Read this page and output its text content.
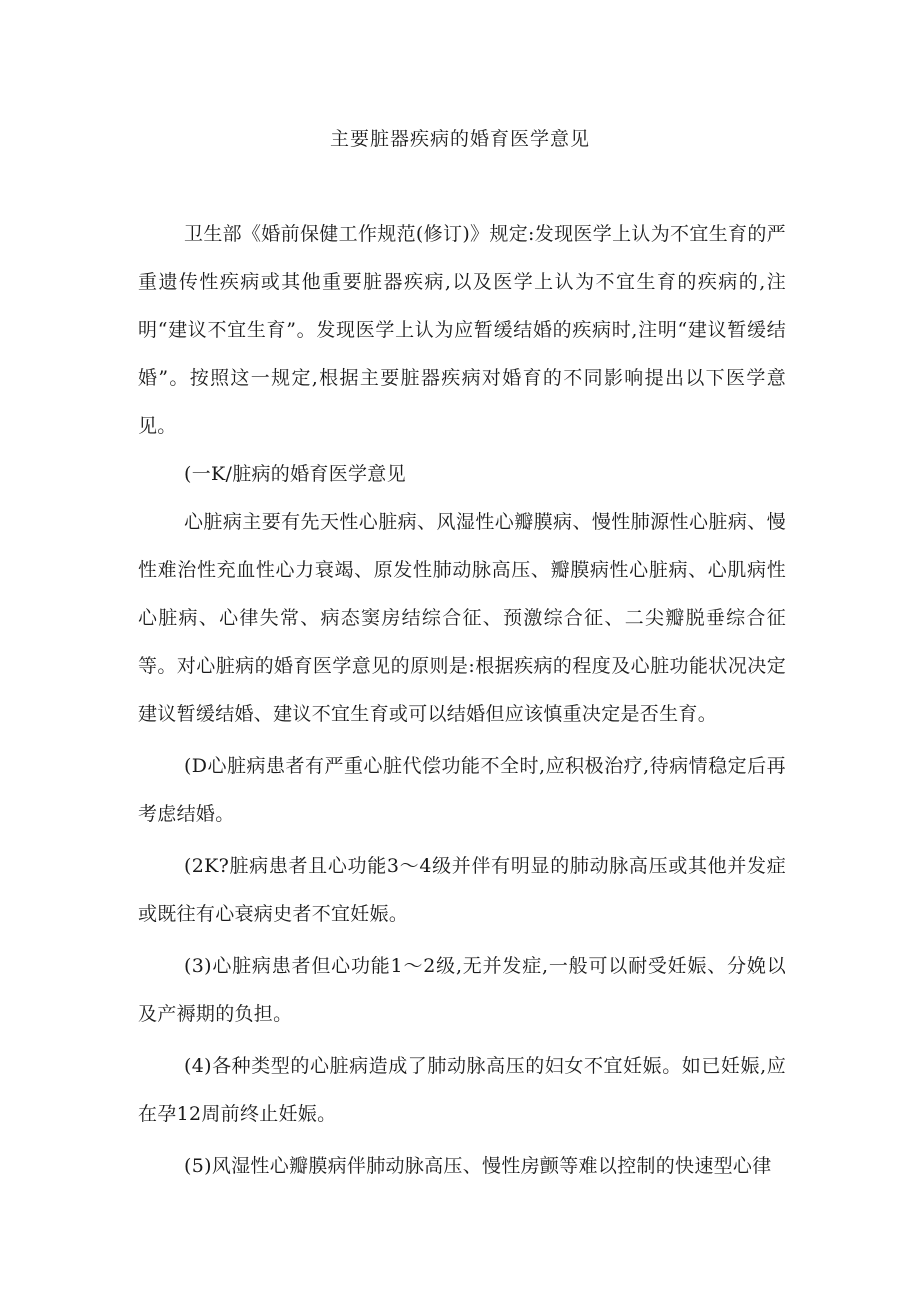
主要脏器疾病的婚育医学意见

卫生部《婚前保健工作规范(修订)》规定:发现医学上认为不宜生育的严重遗传性疾病或其他重要脏器疾病,以及医学上认为不宜生育的疾病的,注明“建议不宜生育”。发现医学上认为应暂缓结婚的疾病时,注明“建议暂缓结婚”。按照这一规定,根据主要脏器疾病对婚育的不同影响提出以下医学意见。

(一K/脏病的婚育医学意见

心脏病主要有先天性心脏病、风湿性心瓣膜病、慢性肺源性心脏病、慢性难治性充血性心力衰竭、原发性肺动脉高压、瓣膜病性心脏病、心肌病性心脏病、心律失常、病态窦房结综合征、预激综合征、二尖瓣脱垂综合征等。对心脏病的婚育医学意见的原则是:根据疾病的程度及心脏功能状况决定建议暂缓结婚、建议不宜生育或可以结婚但应该慎重决定是否生育。

(D心脏病患者有严重心脏代偿功能不全时,应积极治疗,待病情稳定后再考虑结婚。

(2K?脏病患者且心功能3〜4级并伴有明显的肺动脉高压或其他并发症或既往有心衰病史者不宜妊娠。

(3)心脏病患者但心功能1〜2级,无并发症,一般可以耐受妊娠、分娩以及产褥期的负担。

(4)各种类型的心脏病造成了肺动脉高压的妇女不宜妊娠。如已妊娠,应在孕12周前终止妊娠。

(5)风湿性心瓣膜病伴肺动脉高压、慢性房颤等难以控制的快速型心律
